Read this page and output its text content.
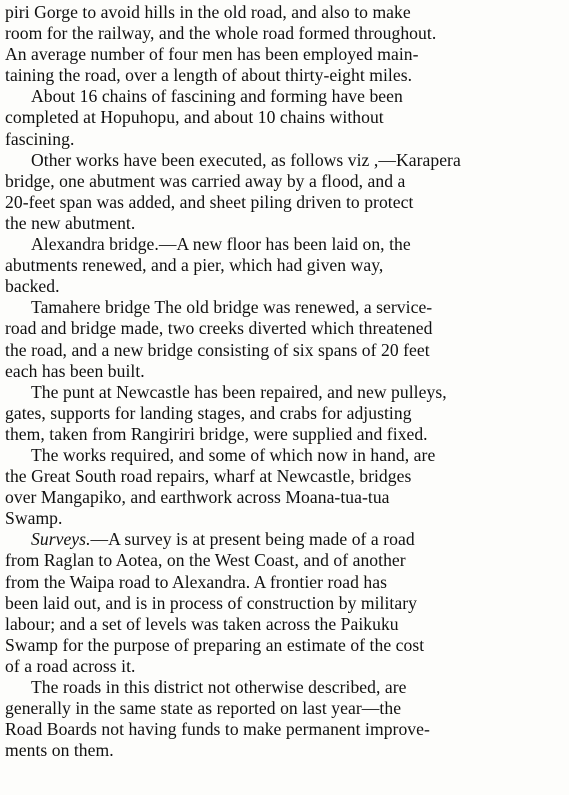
piri Gorge to avoid hills in the old road, and also to make
room for the railway, and the whole road formed throughout.
An average number of four men has been employed main-
taining the road, over a length of about thirty-eight miles.

About 16 chains of fascining and forming have been
completed at Hopuhopu, and about 10 chains without
fascining.

Other works have been executed, as follows viz ,—Karapera
bridge, one abutment was carried away by a flood, and a
20-feet span was added, and sheet piling driven to protect
the new abutment.

Alexandra bridge.—A new floor has been laid on, the
abutments renewed, and a pier, which had given way,
backed.

Tamahere bridge The old bridge was renewed, a service-
road and bridge made, two creeks diverted which threatened
the road, and a new bridge consisting of six spans of 20 feet
each has been built.

The punt at Newcastle has been repaired, and new pulleys,
gates, supports for landing stages, and crabs for adjusting
them, taken from Rangiriri bridge, were supplied and fixed.

The works required, and some of which now in hand, are
the Great South road repairs, wharf at Newcastle, bridges
over Mangapiko, and earthwork across Moana-tua-tua
Swamp.

Surveys.—A survey is at present being made of a road
from Raglan to Aotea, on the West Coast, and of another
from the Waipa road to Alexandra. A frontier road has
been laid out, and is in process of construction by military
labour; and a set of levels was taken across the Paikuku
Swamp for the purpose of preparing an estimate of the cost
of a road across it.

The roads in this district not otherwise described, are
generally in the same state as reported on last year—the
Road Boards not having funds to make permanent improve-
ments on them.
